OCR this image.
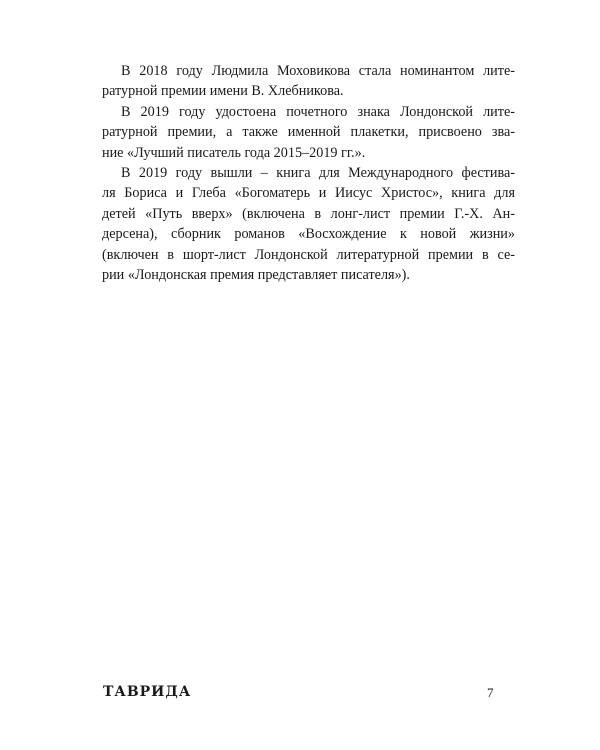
В 2018 году Людмила Моховикова стала номинантом лите-
ратурной премии имени В. Хлебникова.

В 2019 году удостоена почетного знака Лондонской лите-
ратурной премии, а также именной плакетки, присвоено зва-
ние «Лучший писатель года 2015–2019 гг.».

В 2019 году вышли – книга для Международного фестива-
ля Бориса и Глеба «Богоматерь и Иисус Христос», книга для
детей «Путь вверх» (включена в лонг-лист премии Г.-Х. Ан-
дерсена), сборник романов «Восхождение к новой жизни»
(включен в шорт-лист Лондонской литературной премии в се-
рии «Лондонская премия представляет писателя»).

ТАВРИДА	7
